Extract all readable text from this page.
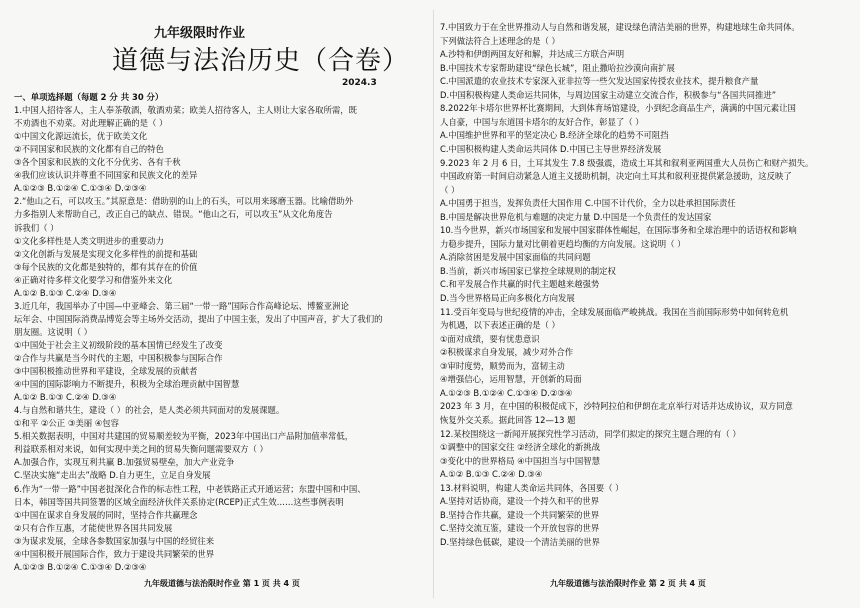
九年级限时作业
道德与法治历史（合卷）
2024.3
一、单项选择题（每题 2 分 共 30 分）
1.中国人招待客人，主人奉茶敬酒，敬酒劝菜；欧美人招待客人，主人则让大家各取所需，既
不劝酒也不劝菜。对此理解正确的是（ ）
①中国文化源远流长，优于欧美文化
②不同国家和民族的文化都有自己的特色
③各个国家和民族的文化不分优劣、各有千秋
④我们应该认识并尊重不同国家和民族文化的差异
A.①②③ B.①②④ C.①③④ D.②③④
2.“他山之石，可以攻玉。”其原意是：借助别的山上的石头，可以用来琢磨玉器。比喻借助外
力多指别人来帮助自己，改正自己的缺点、错误。“他山之石，可以攻玉”从文化角度告
诉我们（ ）
①文化多样性是人类文明进步的重要动力
②文化创新与发展是实现文化多样性的前提和基础
③每个民族的文化都是独特的，都有其存在的价值
④正确对待多样文化要学习和借鉴外来文化
A.①② B.①③ C.②④ D.③④
3.近几年，我国举办了中国—中亚峰会、第三届“一带一路”国际合作高峰论坛、博鳌亚洲论
坛年会、中国国际消费品博览会等主场外交活动，提出了中国主张，发出了中国声音，扩大了我们的
朋友圈。这说明（ ）
①中国处于社会主义初级阶段的基本国情已经发生了改变
②合作与共赢是当今时代的主题，中国积极参与国际合作
③中国积极推动世界和平建设，全球发展的贡献者
④中国的国际影响力不断提升，积极为全球治理贡献中国智慧
A.①② B.①③ C.②④ D.③④
4.与自然和谐共生，建设（ ）的社会，是人类必须共同面对的发展课题。
①和平 ②公正 ③美丽 ④包容
5.相关数据表明，中国对共建国的贸易顺差较为平衡，2023年中国出口产品附加值率常低，
利益联系相对来说，如何实现中美之间的贸易失衡问题需要双方（ ）
A.加强合作，实现互利共赢 B.加强贸易壁垒，加大产业竞争
C.坚决实施“走出去”战略 D.自力更生，立足自身发展
6.作为“一带一路”中国老挝深化合作的标志性工程，中老铁路正式开通运营；东盟中国和中国、
日本，韩国等国共同签署的区域全面经济伙伴关系协定(RCEP)正式生效……这些事例表明
①中国在谋求自身发展的同时，坚持合作共赢理念
②只有合作互惠，才能使世界各国共同发展
③为谋求发展，全球各参数国家加强与中国的经贸往来
④中国积极开展国际合作，致力于建设共同繁荣的世界
A.①②③ B.①②④ C.①③④ D.②③④
九年级道德与法治限时作业 第 1 页 共 4 页
7.中国致力于在全世界推动人与自然和谐发展，建设绿色清洁美丽的世界，构建地球生命共同体。
下列做法符合上述理念的是（ ）
A.沙特和伊朗两国友好和解，并达成三方联合声明
B.中国技术专家帮助建设“绿色长城”，阻止撒哈拉沙漠向南扩展
C.中国派遣的农业技术专家深入亚非拉等一些欠发达国家传授农业技术，提升粮食产量
D.中国积极构建人类命运共同体，与周边国家主动建立交流合作，积极参与“各国共同推进”
8.2022年卡塔尔世界杯比赛期间，大到体育场馆建设，小到纪念商品生产，满满的中国元素让国
人自豪，中国与东道国卡塔尔的友好合作，彰显了（ ）
A.中国维护世界和平的坚定决心 B.经济全球化的趋势不可阻挡
C.中国积极构建人类命运共同体 D.中国已主导世界经济发展
9.2023 年 2 月 6 日，土耳其发生 7.8 级强震，造成土耳其和叙利亚两国重大人员伤亡和财产损失。
中国政府第一时间启动紧急人道主义援助机制，决定向土耳其和叙利亚提供紧急援助，这反映了
（ ）
A.中国勇于担当，发挥负责任大国作用 C.中国不计代价，全力以赴承担国际责任
B.中国是解决世界危机与难题的决定力量 D.中国是一个负责任的发达国家
10.当今世界，新兴市场国家和发展中国家群体性崛起，在国际事务和全球治理中的话语权和影响
力稳步提升，国际力量对比朝着更趋均衡的方向发展。这说明（ ）
A.消除贫困是发展中国家面临的共同问题
B.当前，新兴市场国家已掌控全球规则的制定权
C.和平发展合作共赢的时代主题越来越强势
D.当今世界格局正向多极化方向发展
11.受百年变局与世纪疫情的冲击，全球发展面临严峻挑战。我国在当前国际形势中如何转危机
为机遇，以下表述正确的是（ ）
①面对成绩，要有忧患意识
②积极谋求自身发展，减少对外合作
③审时度势，顺势而为，富韧主动
④增强信心，运用智慧，开创新的局面
A.①②③ B.①②④ C.①③④ D.②③④
2023 年 3 月，在中国的积极促成下，沙特阿拉伯和伊朗在北京举行对话并达成协议，双方同意
恢复外交关系。据此回答 12—13 题
12.某校围绕这一新闻开展探究性学习活动，同学们拟定的探究主题合理的有（ ）
①调整中的国家交往 ②经济全球化的新挑战
③变化中的世界格局 ④中国担当与中国智慧
A.①② B.①③ C.②④ D.③④
13.材料说明，构建人类命运共同体，各国要（ ）
A.坚持对话协商，建设一个持久和平的世界
B.坚持合作共赢，建设一个共同繁荣的世界
C.坚持交流互鉴，建设一个开放包容的世界
D.坚持绿色低碳，建设一个清洁美丽的世界
九年级道德与法治限时作业 第 2 页 共 4 页
